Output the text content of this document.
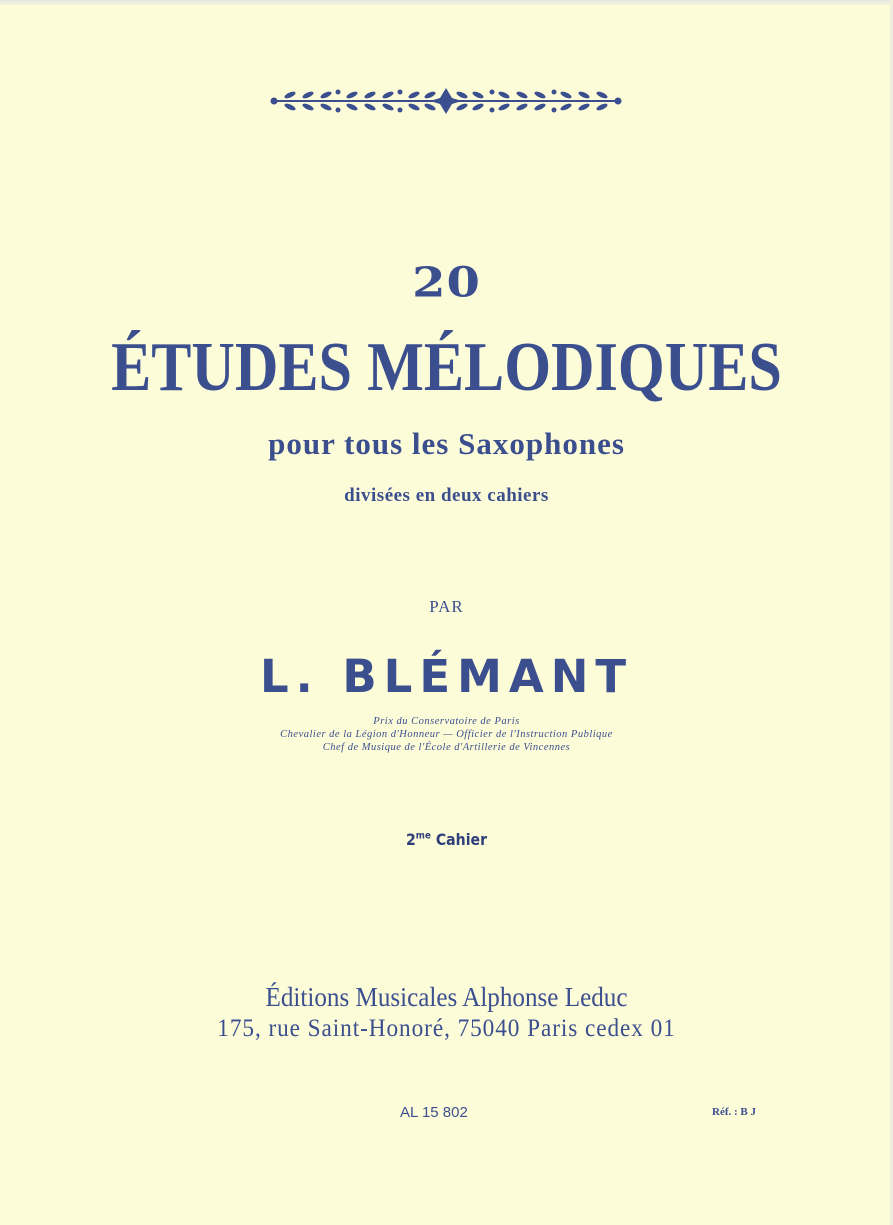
20
ÉTUDES MÉLODIQUES
pour tous les Saxophones
divisées en deux cahiers
PAR
L. BLÉMANT
Prix du Conservatoire de Paris
Chevalier de la Légion d'Honneur — Officier de l'Instruction Publique
Chef de Musique de l'École d'Artillerie de Vincennes
$2^{me}$ Cahier
Éditions Musicales Alphonse Leduc
175, rue Saint-Honoré, 75040 Paris cedex 01
AL 15 802	Réf. : B J
